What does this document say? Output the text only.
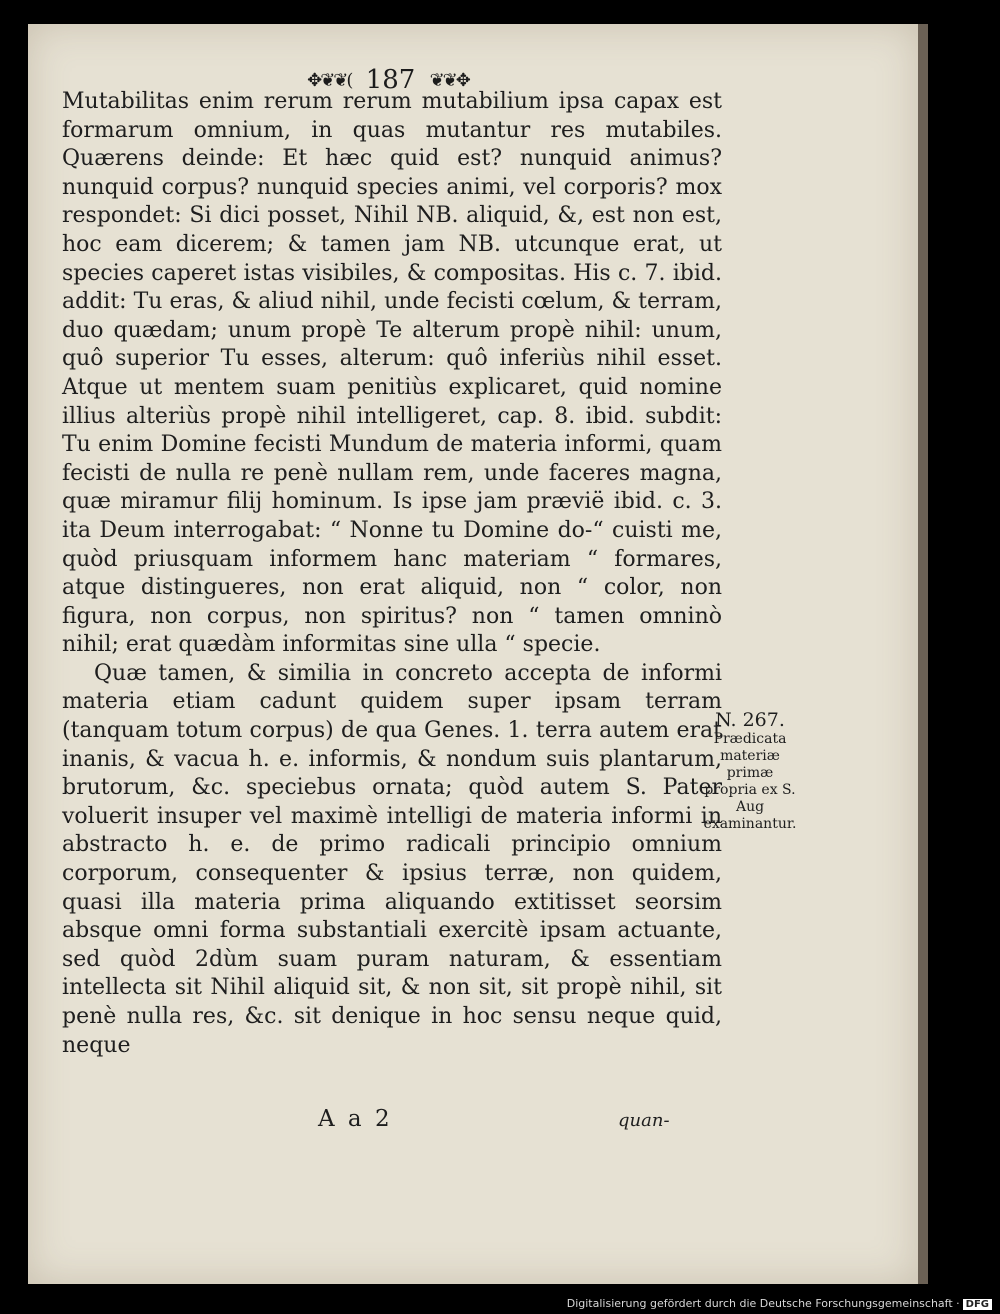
✥❦❦( 187 ❦❦✥

Mutabilitas enim rerum rerum mutabilium ipsa capax est formarum omnium, in quas mutantur res mutabiles. Quærens deinde: Et hæc quid est? nunquid animus? nunquid corpus? nunquid species animi, vel corporis? mox respondet: Si dici posset, Nihil NB. aliquid, &, est non est, hoc eam dicerem; & tamen jam NB. utcunque erat, ut species caperet istas visibiles, & compositas. His c. 7. ibid. addit: Tu eras, & aliud nihil, unde fecisti cœlum, & terram, duo quædam; unum propè Te alterum propè nihil: unum, quô superior Tu esses, alterum: quô inferiùs nihil esset. Atque ut mentem suam penitiùs explicaret, quid nomine illius alteriùs propè nihil intelligeret, cap. 8. ibid. subdit: Tu enim Domine fecisti Mundum de materia informi, quam fecisti de nulla re penè nullam rem, unde faceres magna, quæ miramur filij hominum. Is ipse jam prævië ibid. c. 3. ita Deum interrogabat: “ Nonne tu Domine do-“ cuisti me, quòd priusquam informem hanc materiam “ formares, atque distingueres, non erat aliquid, non “ color, non figura, non corpus, non spiritus? non “ tamen omninò nihil; erat quædàm informitas sine ulla “ specie.

Quæ tamen, & similia in concreto accepta de informi materia etiam cadunt quidem super ipsam terram (tanquam totum corpus) de qua Genes. 1. terra autem erat inanis, & vacua h. e. informis, & nondum suis plantarum, brutorum, &c. speciebus ornata; quòd autem S. Pater voluerit insuper vel maximè intelligi de materia informi in abstracto h. e. de primo radicali principio omnium corporum, consequenter & ipsius terræ, non quidem, quasi illa materia prima aliquando extitisset seorsim absque omni forma substantiali exercitè ipsam actuante, sed quòd 2dùm suam puram naturam, & essentiam intellecta sit Nihil aliquid sit, & non sit, sit propè nihil, sit penè nulla res, &c. sit denique in hoc sensu neque quid, neque

N. 267.
Prædicata materiæ primæ propria ex S. Aug examinantur.
A a 2	quan-
Digitalisierung gefördert durch die Deutsche Forschungsgemeinschaft · DFG
